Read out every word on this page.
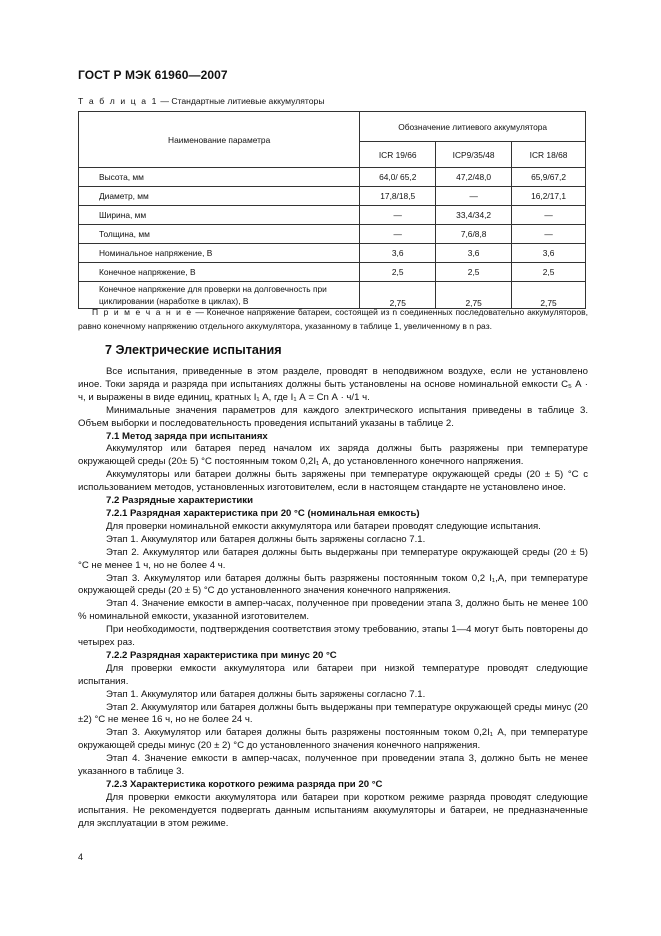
ГОСТ Р МЭК 61960—2007
Т а б л и ц а 1 — Стандартные литиевые аккумуляторы
Наименование параметра	Обозначение литиевого аккумулятора		
	ICR 19/66	ICP9/35/48	ICR 18/68
Высота, мм	64,0/ 65,2	47,2/48,0	65,9/67,2
Диаметр, мм	17,8/18,5	—	16,2/17,1
Ширина, мм	—	33,4/34,2	—
Толщина, мм	—	7,6/8,8	—
Номинальное напряжение, В	3,6	3,6	3,6
Конечное напряжение, В	2,5	2,5	2,5
Конечное напряжение для проверки на долговечность при циклировании (наработке в циклах), В	2,75	2,75	2,75
П р и м е ч а н и е — Конечное напряжение батареи, состоящей из n соединенных последовательно аккумуляторов, равно конечному напряжению отдельного аккумулятора, указанному в таблице 1, увеличенному в n раз.
7 Электрические испытания

Все испытания, приведенные в этом разделе, проводят в неподвижном воздухе, если не установлено иное. Токи заряда и разряда при испытаниях должны быть установлены на основе номинальной емкости C₅ А · ч, и выражены в виде единиц, кратных I₁ А, где I₁ А = Cn А · ч/1 ч.

Минимальные значения параметров для каждого электрического испытания приведены в таблице 3. Объем выборки и последовательность проведения испытаний указаны в таблице 2.

7.1 Метод заряда при испытаниях

Аккумулятор или батарея перед началом их заряда должны быть разряжены при температуре окружающей среды (20± 5) °С постоянным током 0,2I₁ А, до установленного конечного напряжения.

Аккумуляторы или батареи должны быть заряжены при температуре окружающей среды (20 ± 5) °С с использованием методов, установленных изготовителем, если в настоящем стандарте не установлено иное.

7.2 Разрядные характеристики

7.2.1 Разрядная характеристика при 20 °С (номинальная емкость)

Для проверки номинальной емкости аккумулятора или батареи проводят следующие испытания.

Этап 1. Аккумулятор или батарея должны быть заряжены согласно 7.1.

Этап 2. Аккумулятор или батарея должны быть выдержаны при температуре окружающей среды (20 ± 5) °С не менее 1 ч, но не более 4 ч.

Этап 3. Аккумулятор или батарея должны быть разряжены постоянным током 0,2 I₁,А, при температуре окружающей среды (20 ± 5) °С до установленного значения конечного напряжения.

Этап 4. Значение емкости в ампер-часах, полученное при проведении этапа 3, должно быть не менее 100 % номинальной емкости, указанной изготовителем.

При необходимости, подтверждения соответствия этому требованию, этапы 1—4 могут быть повторены до четырех раз.

7.2.2 Разрядная характеристика при минус 20 °С

Для проверки емкости аккумулятора или батареи при низкой температуре проводят следующие испытания.

Этап 1. Аккумулятор или батарея должны быть заряжены согласно 7.1.

Этап 2. Аккумулятор или батарея должны быть выдержаны при температуре окружающей среды минус (20 ±2) °С не менее 16 ч, но не более 24 ч.

Этап 3. Аккумулятор или батарея должны быть разряжены постоянным током 0,2I₁ А, при температуре окружающей среды минус (20 ± 2) °С до установленного значения конечного напряжения.

Этап 4. Значение емкости в ампер-часах, полученное при проведении этапа 3, должно быть не менее указанного в таблице 3.

7.2.3 Характеристика короткого режима разряда при 20 °С

Для проверки емкости аккумулятора или батареи при коротком режиме разряда проводят следующие испытания. Не рекомендуется подвергать данным испытаниям аккумуляторы и батареи, не предназначенные для эксплуатации в этом режиме.

4
